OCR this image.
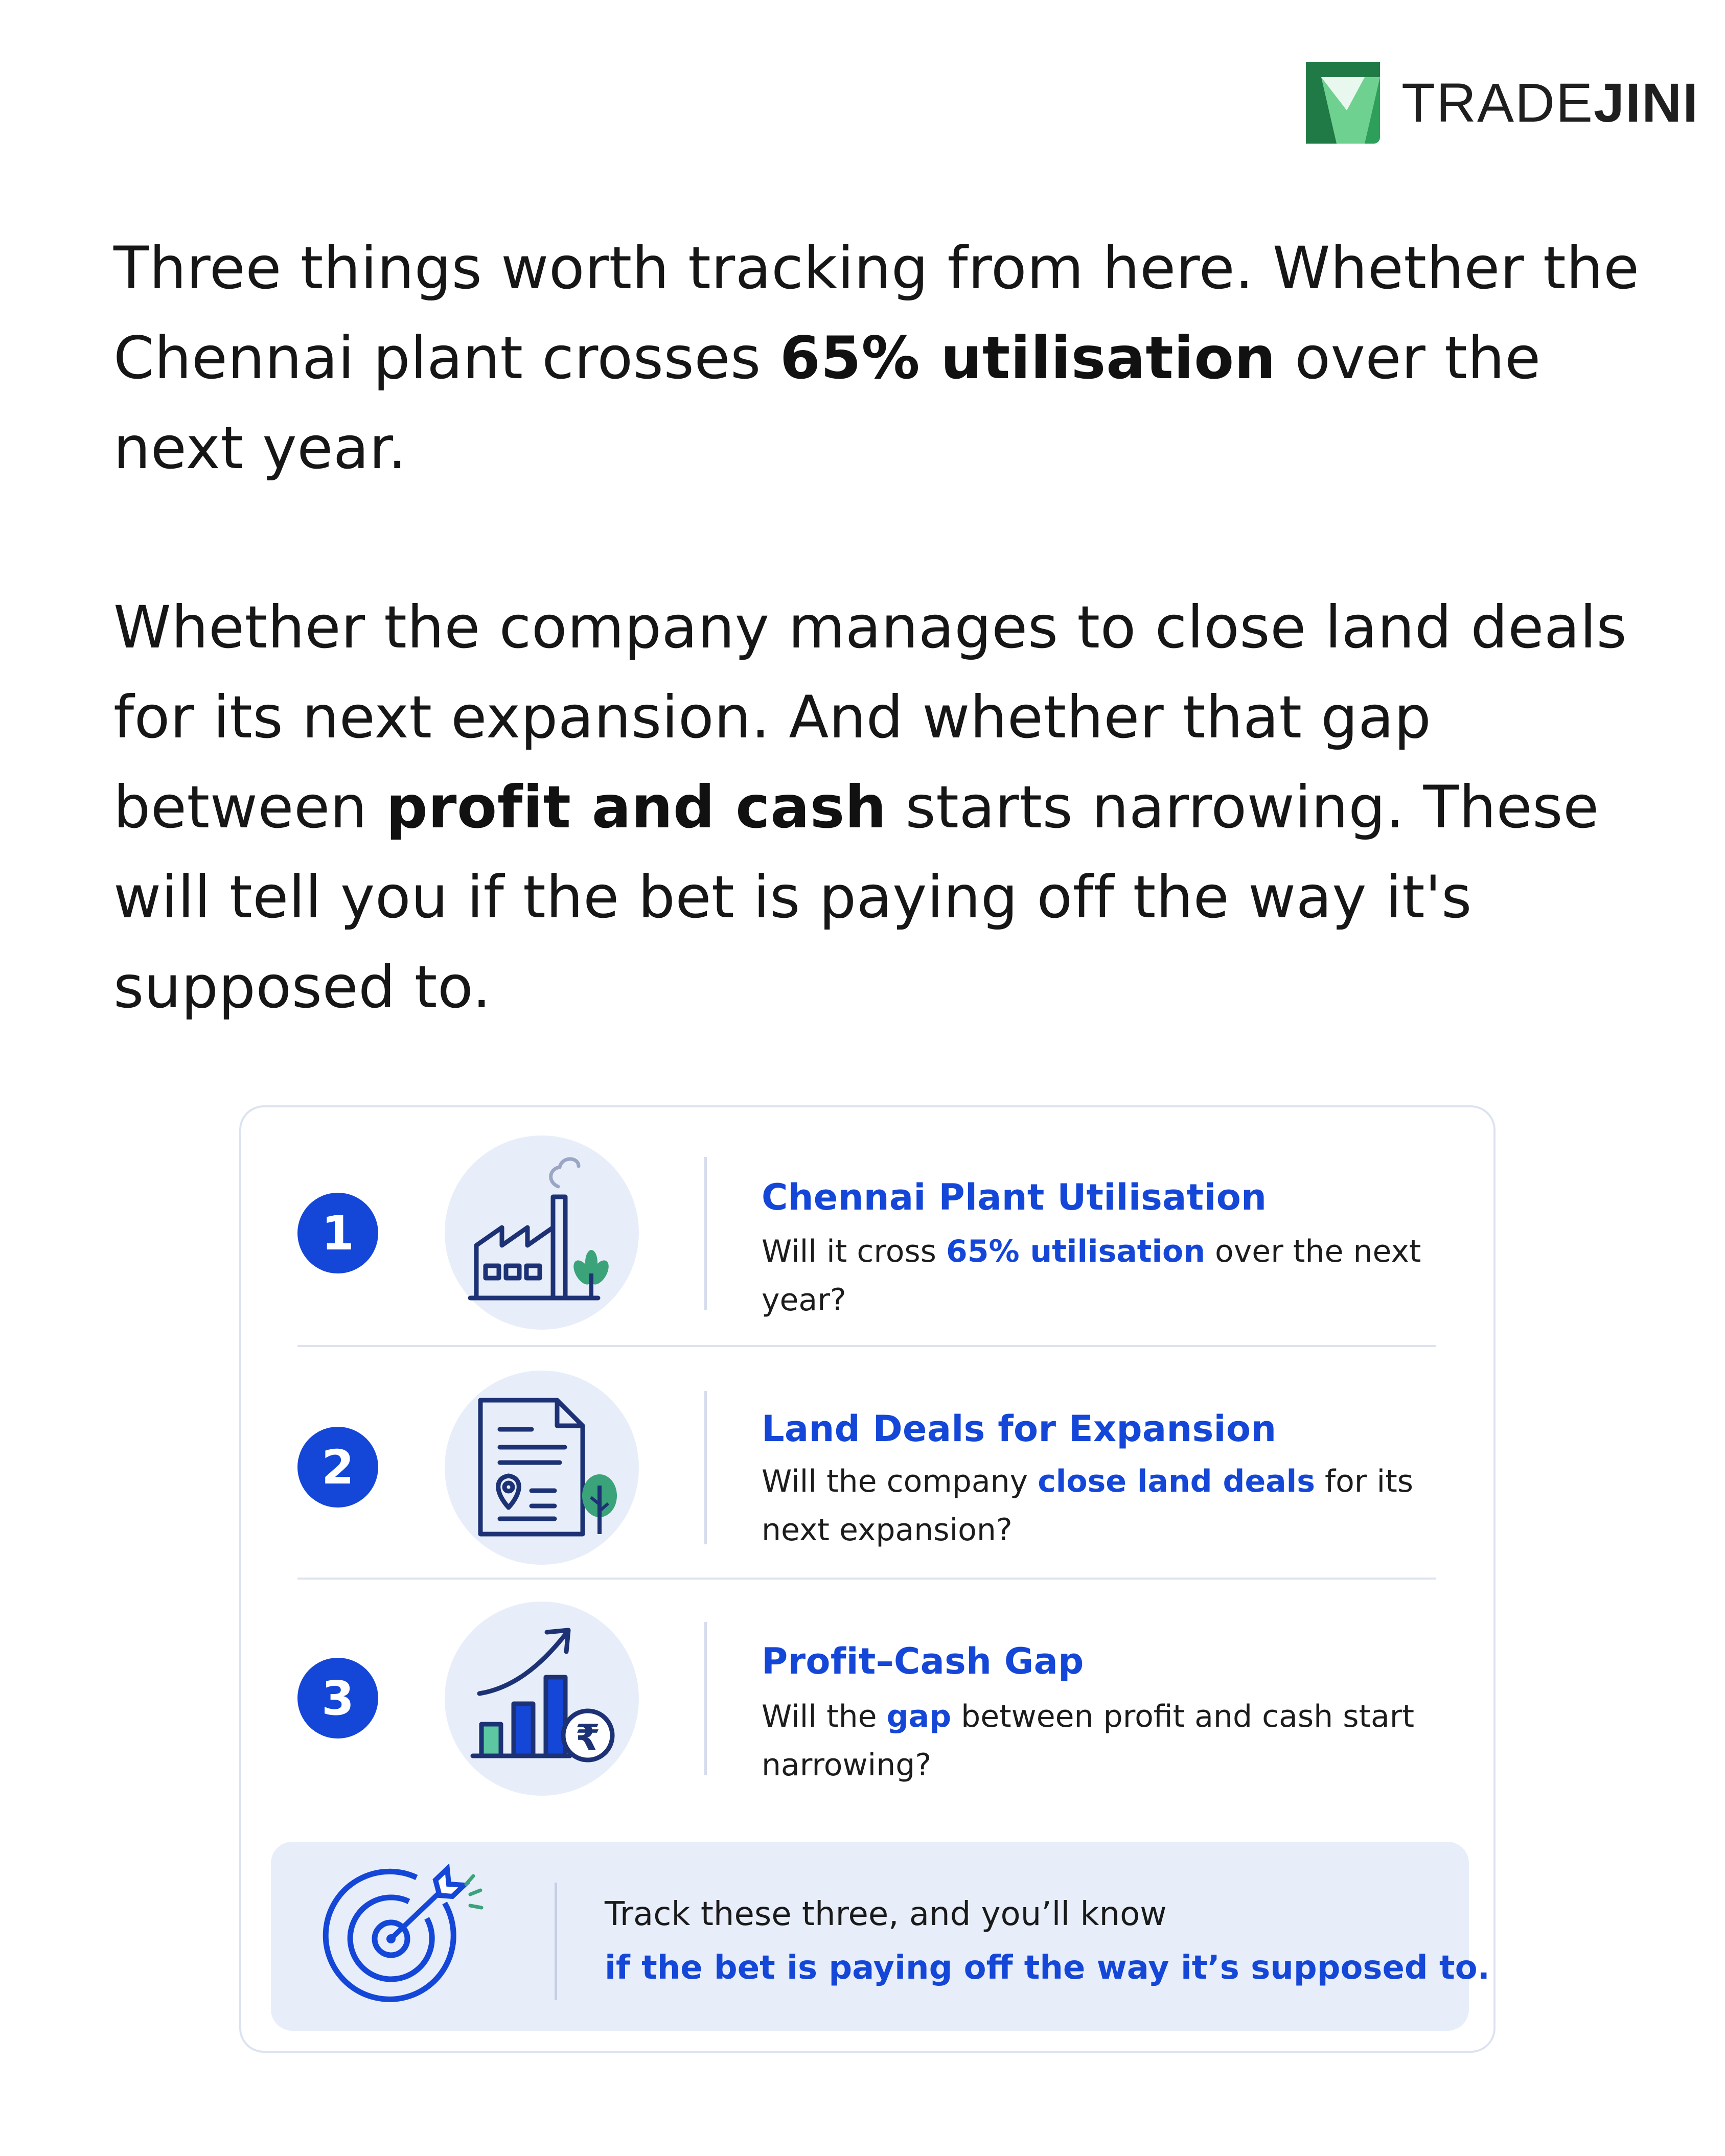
TRADEJINI

Three things worth tracking from here. Whether the Chennai plant crosses 65% utilisation over the next year.

Whether the company manages to close land deals for its next expansion. And whether that gap between profit and cash starts narrowing. These will tell you if the bet is paying off the way it's supposed to.

1

Chennai Plant Utilisation

Will it cross 65% utilisation over the next year?

2

Land Deals for Expansion

Will the company close land deals for its next expansion?

3
₹

Profit–Cash Gap

Will the gap between profit and cash start narrowing?

Track these three, and you’ll know

if the bet is paying off the way it’s supposed to.
